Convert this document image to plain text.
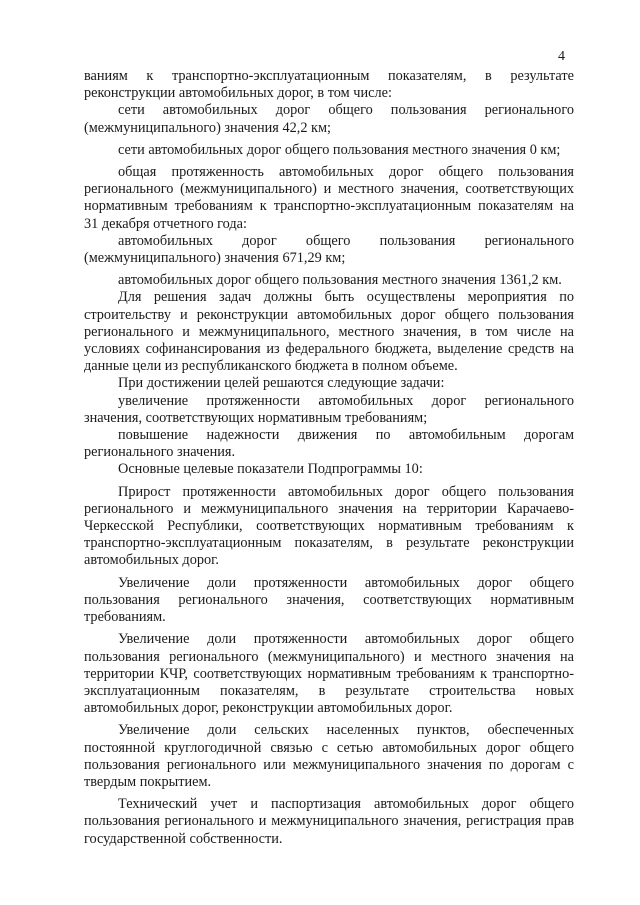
4

ваниям к транспортно-эксплуатационным показателям, в результате реконструкции автомобильных дорог, в том числе:

сети автомобильных дорог общего пользования регионального (межмуниципального) значения 42,2 км;

сети автомобильных дорог общего пользования местного значения 0 км;

общая протяженность автомобильных дорог общего пользования регионального (межмуниципального) и местного значения, соответствующих нормативным требованиям к транспортно-эксплуатационным показателям на 31 декабря отчетного года:

автомобильных дорог общего пользования регионального (межмуниципального) значения 671,29 км;

автомобильных дорог общего пользования местного значения 1361,2 км.

Для решения задач должны быть осуществлены мероприятия по строительству и реконструкции автомобильных дорог общего пользования регионального и межмуниципального, местного значения, в том числе на условиях софинансирования из федерального бюджета, выделение средств на данные цели из республиканского бюджета в полном объеме.

При достижении целей решаются следующие задачи:

увеличение протяженности автомобильных дорог регионального значения, соответствующих нормативным требованиям;

повышение надежности движения по автомобильным дорогам регионального значения.

Основные целевые показатели Подпрограммы 10:

Прирост протяженности автомобильных дорог общего пользования регионального и межмуниципального значения на территории Карачаево-Черкесской Республики, соответствующих нормативным требованиям к транспортно-эксплуатационным показателям, в результате реконструкции автомобильных дорог.

Увеличение доли протяженности автомобильных дорог общего пользования регионального значения, соответствующих нормативным требованиям.

Увеличение доли протяженности автомобильных дорог общего пользования регионального (межмуниципального) и местного значения на территории КЧР, соответствующих нормативным требованиям к транспортно-эксплуатационным показателям, в результате строительства новых автомобильных дорог, реконструкции автомобильных дорог.

Увеличение доли сельских населенных пунктов, обеспеченных постоянной круглогодичной связью с сетью автомобильных дорог общего пользования регионального или межмуниципального значения по дорогам с твердым покрытием.

Технический учет и паспортизация автомобильных дорог общего пользования регионального и межмуниципального значения, регистрация прав государственной собственности.
